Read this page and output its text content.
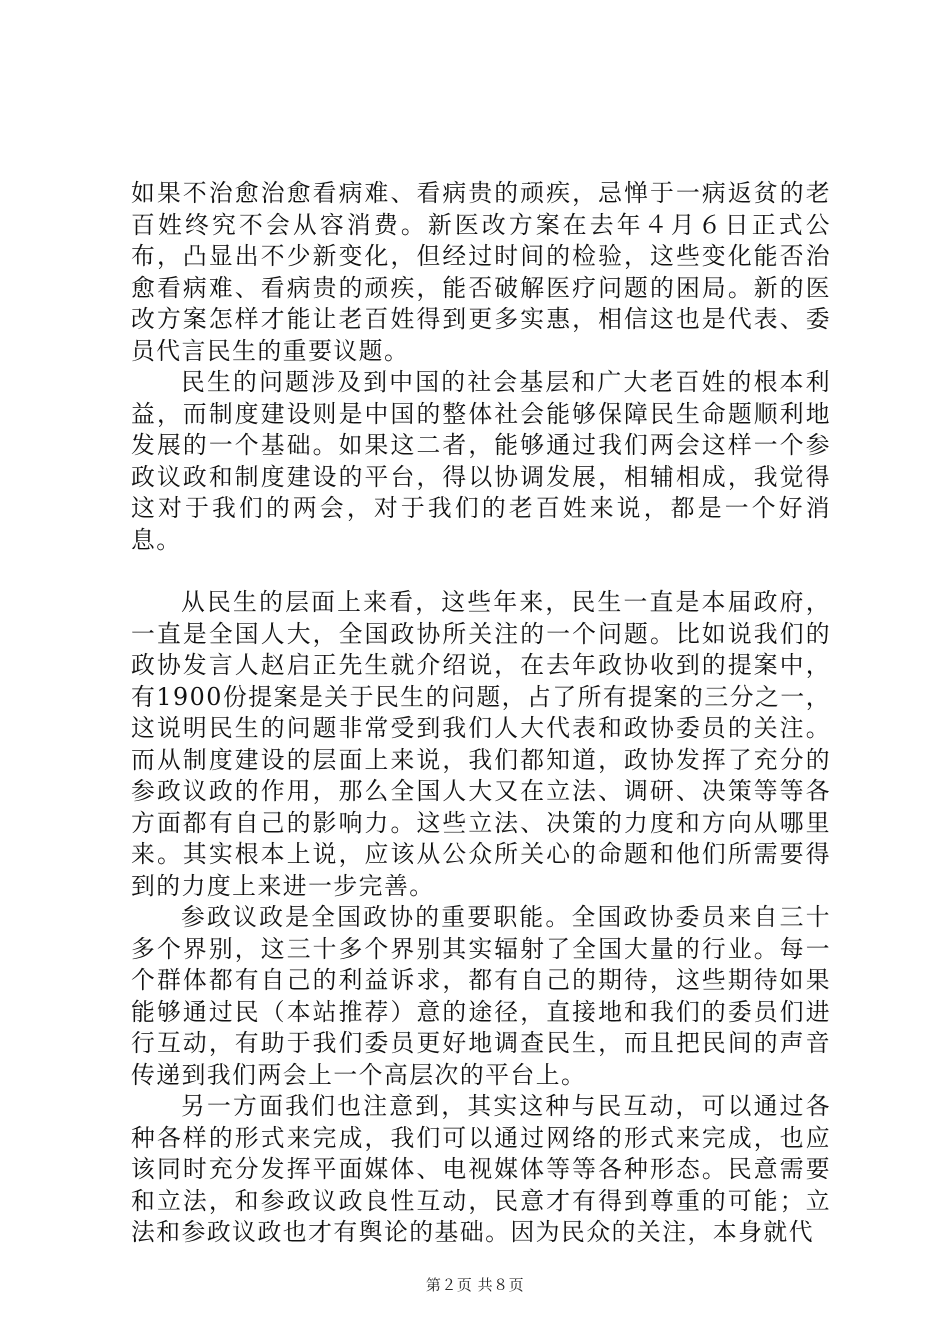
如果不治愈治愈看病难、看病贵的顽疾，忌惮于一病返贫的老百姓终究不会从容消费。新医改方案在去年４月６日正式公布，凸显出不少新变化，但经过时间的检验，这些变化能否治愈看病难、看病贵的顽疾，能否破解医疗问题的困局。新的医改方案怎样才能让老百姓得到更多实惠，相信这也是代表、委员代言民生的重要议题。

民生的问题涉及到中国的社会基层和广大老百姓的根本利益，而制度建设则是中国的整体社会能够保障民生命题顺利地发展的一个基础。如果这二者，能够通过我们两会这样一个参政议政和制度建设的平台，得以协调发展，相辅相成，我觉得这对于我们的两会，对于我们的老百姓来说，都是一个好消息。

从民生的层面上来看，这些年来，民生一直是本届政府，一直是全国人大，全国政协所关注的一个问题。比如说我们的政协发言人赵启正先生就介绍说，在去年政协收到的提案中，有1900份提案是关于民生的问题，占了所有提案的三分之一，这说明民生的问题非常受到我们人大代表和政协委员的关注。而从制度建设的层面上来说，我们都知道，政协发挥了充分的参政议政的作用，那么全国人大又在立法、调研、决策等等各方面都有自己的影响力。这些立法、决策的力度和方向从哪里来。其实根本上说，应该从公众所关心的命题和他们所需要得到的力度上来进一步完善。

参政议政是全国政协的重要职能。全国政协委员来自三十多个界别，这三十多个界别其实辐射了全国大量的行业。每一个群体都有自己的利益诉求，都有自己的期待，这些期待如果能够通过民（本站推荐）意的途径，直接地和我们的委员们进行互动，有助于我们委员更好地调查民生，而且把民间的声音传递到我们两会上一个高层次的平台上。

另一方面我们也注意到，其实这种与民互动，可以通过各种各样的形式来完成，我们可以通过网络的形式来完成，也应该同时充分发挥平面媒体、电视媒体等等各种形态。民意需要和立法，和参政议政良性互动，民意才有得到尊重的可能；立法和参政议政也才有舆论的基础。因为民众的关注，本身就代

第２页 共８页
